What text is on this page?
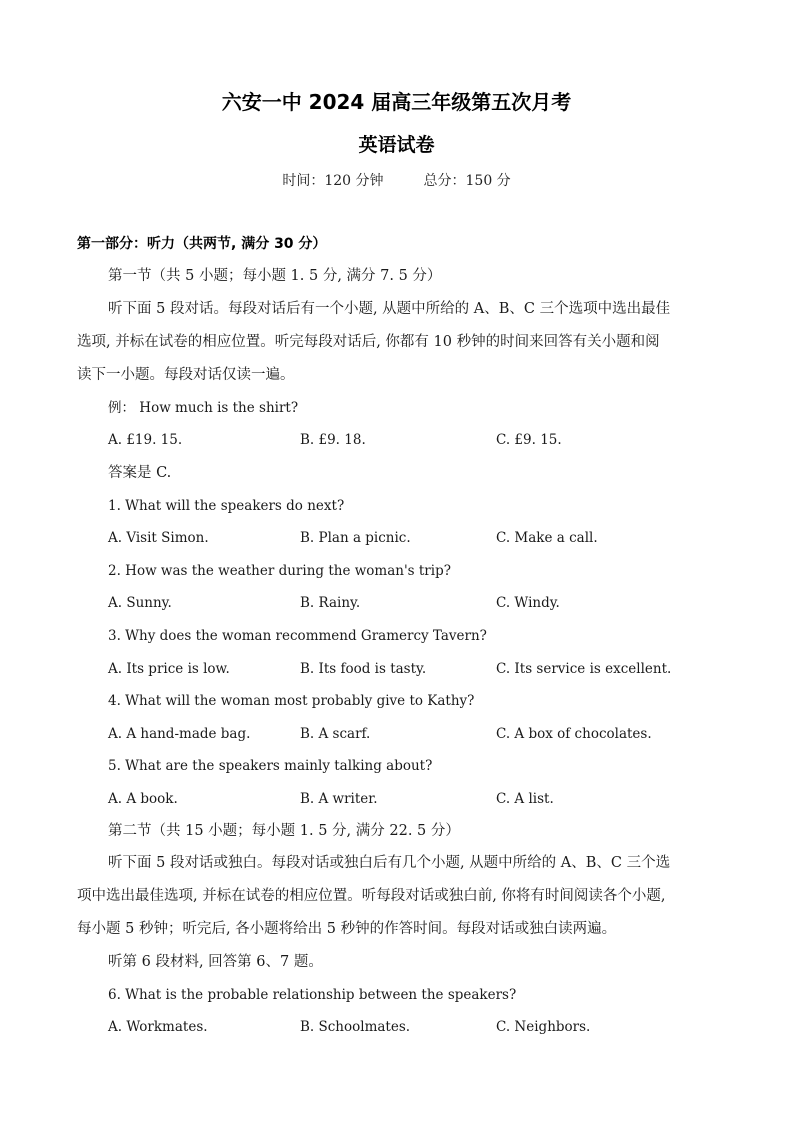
六安一中 2024 届高三年级第五次月考
英语试卷
时间：120 分钟	总分：150 分
第一部分：听力（共两节, 满分 30 分）
第一节（共 5 小题；每小题 1. 5 分, 满分 7. 5 分）
听下面 5 段对话。每段对话后有一个小题, 从题中所给的 A、B、C 三个选项中选出最佳
选项, 并标在试卷的相应位置。听完每段对话后, 你都有 10 秒钟的时间来回答有关小题和阅
读下一小题。每段对话仅读一遍。
例： How much is the shirt?
A. £19. 15.	B. £9. 18.	C. £9. 15.
答案是 C.
1. What will the speakers do next?
A. Visit Simon.	B. Plan a picnic.	C. Make a call.
2. How was the weather during the woman's trip?
A. Sunny.	B. Rainy.	C. Windy.
3. Why does the woman recommend Gramercy Tavern?
A. Its price is low.	B. Its food is tasty.	C. Its service is excellent.
4. What will the woman most probably give to Kathy?
A. A hand-made bag.	B. A scarf.	C. A box of chocolates.
5. What are the speakers mainly talking about?
A. A book.	B. A writer.	C. A list.
第二节（共 15 小题；每小题 1. 5 分, 满分 22. 5 分）
听下面 5 段对话或独白。每段对话或独白后有几个小题, 从题中所给的 A、B、C 三个选
项中选出最佳选项, 并标在试卷的相应位置。听每段对话或独白前, 你将有时间阅读各个小题,
每小题 5 秒钟；听完后, 各小题将给出 5 秒钟的作答时间。每段对话或独白读两遍。
听第 6 段材料, 回答第 6、7 题。
6. What is the probable relationship between the speakers?
A. Workmates.	B. Schoolmates.	C. Neighbors.
